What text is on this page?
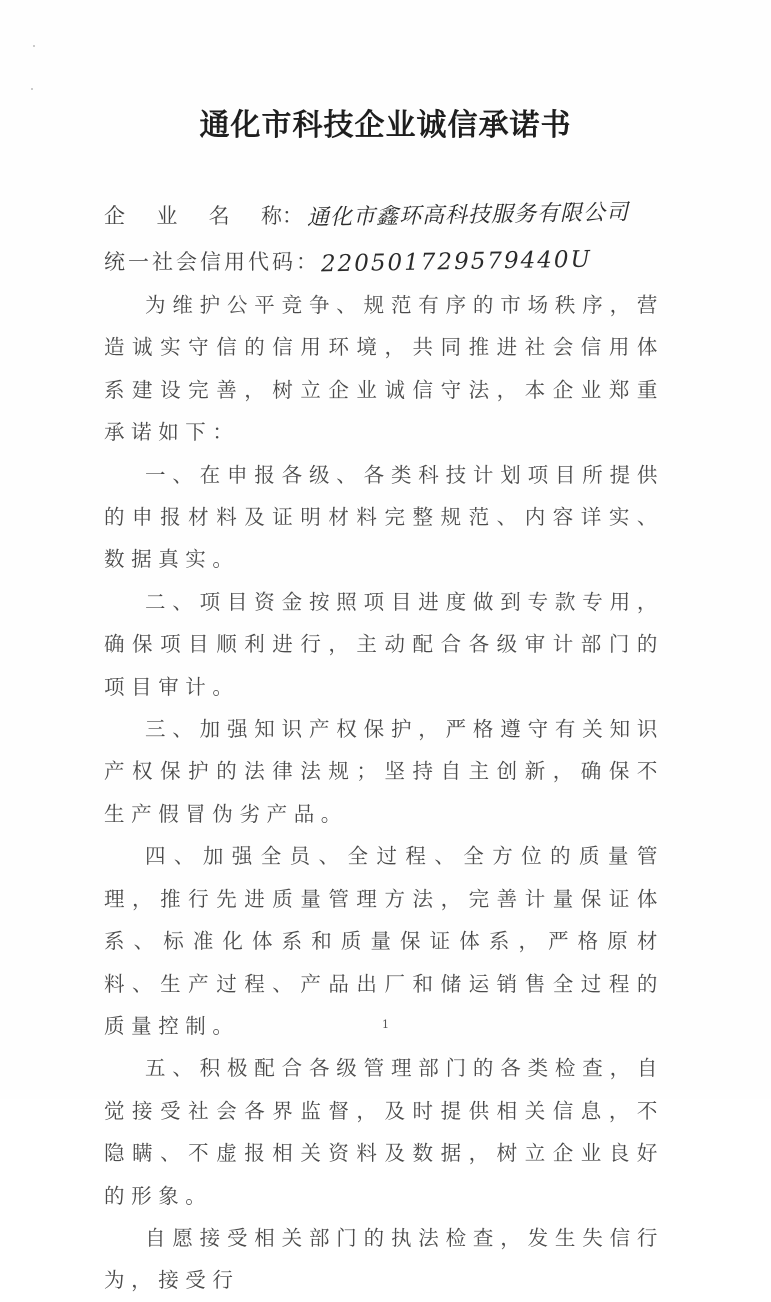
通化市科技企业诚信承诺书
企 业 名 称 ： 通化市鑫环高科技服务有限公司
统一社会信用代码 ： 220501729579440U

为维护公平竞争、规范有序的市场秩序，营造诚实守信的信用环境，共同推进社会信用体系建设完善，树立企业诚信守法，本企业郑重承诺如下：

一、在申报各级、各类科技计划项目所提供的申报材料及证明材料完整规范、内容详实、数据真实。

二、项目资金按照项目进度做到专款专用，确保项目顺利进行，主动配合各级审计部门的项目审计。

三、加强知识产权保护，严格遵守有关知识产权保护的法律法规；坚持自主创新，确保不生产假冒伪劣产品。

四、加强全员、全过程、全方位的质量管理，推行先进质量管理方法，完善计量保证体系、标准化体系和质量保证体系，严格原材料、生产过程、产品出厂和储运销售全过程的质量控制。

五、积极配合各级管理部门的各类检查，自觉接受社会各界监督，及时提供相关信息，不隐瞒、不虚报相关资料及数据，树立企业良好的形象。

自愿接受相关部门的执法检查，发生失信行为，接受行

1
